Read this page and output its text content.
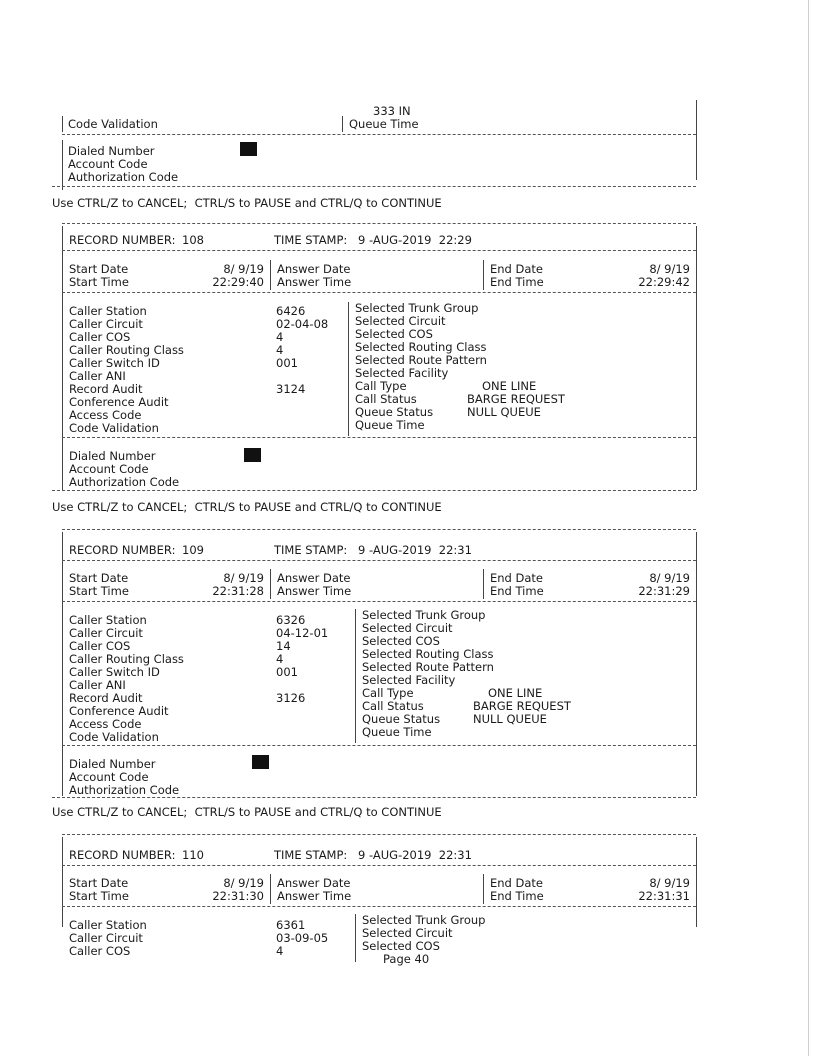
333 IN
Code Validation	Queue Time
Dialed Number
Account Code
Authorization Code
Use CTRL/Z to CANCEL;  CTRL/S to PAUSE and CTRL/Q to CONTINUE
RECORD NUMBER: 108	TIME STAMP: 9 -AUG-2019  22:29
Start Date	8/ 9/19
Start Time	22:29:40
Answer Date
Answer Time
End Date	8/ 9/19
End Time	22:29:42
Caller Station	6426
Caller Circuit	02-04-08
Caller COS	4
Caller Routing Class	4
Caller Switch ID	001
Caller ANI
Record Audit	3124
Conference Audit
Access Code
Code Validation
Selected Trunk Group
Selected Circuit
Selected COS
Selected Routing Class
Selected Route Pattern
Selected Facility
Call Type	ONE LINE
Call Status	BARGE REQUEST
Queue Status	NULL QUEUE
Queue Time
Dialed Number
Account Code
Authorization Code
Use CTRL/Z to CANCEL;  CTRL/S to PAUSE and CTRL/Q to CONTINUE
RECORD NUMBER: 109	TIME STAMP: 9 -AUG-2019  22:31
Start Date	8/ 9/19
Start Time	22:31:28
Answer Date
Answer Time
End Date	8/ 9/19
End Time	22:31:29
Caller Station	6326
Caller Circuit	04-12-01
Caller COS	14
Caller Routing Class	4
Caller Switch ID	001
Caller ANI
Record Audit	3126
Conference Audit
Access Code
Code Validation
Selected Trunk Group
Selected Circuit
Selected COS
Selected Routing Class
Selected Route Pattern
Selected Facility
Call Type	ONE LINE
Call Status	BARGE REQUEST
Queue Status	NULL QUEUE
Queue Time
Dialed Number
Account Code
Authorization Code
Use CTRL/Z to CANCEL;  CTRL/S to PAUSE and CTRL/Q to CONTINUE
RECORD NUMBER: 110	TIME STAMP: 9 -AUG-2019  22:31
Start Date	8/ 9/19
Start Time	22:31:30
Answer Date
Answer Time
End Date	8/ 9/19
End Time	22:31:31
Caller Station	6361
Caller Circuit	03-09-05
Caller COS	4
Selected Trunk Group
Selected Circuit
Selected COS
Page 40
